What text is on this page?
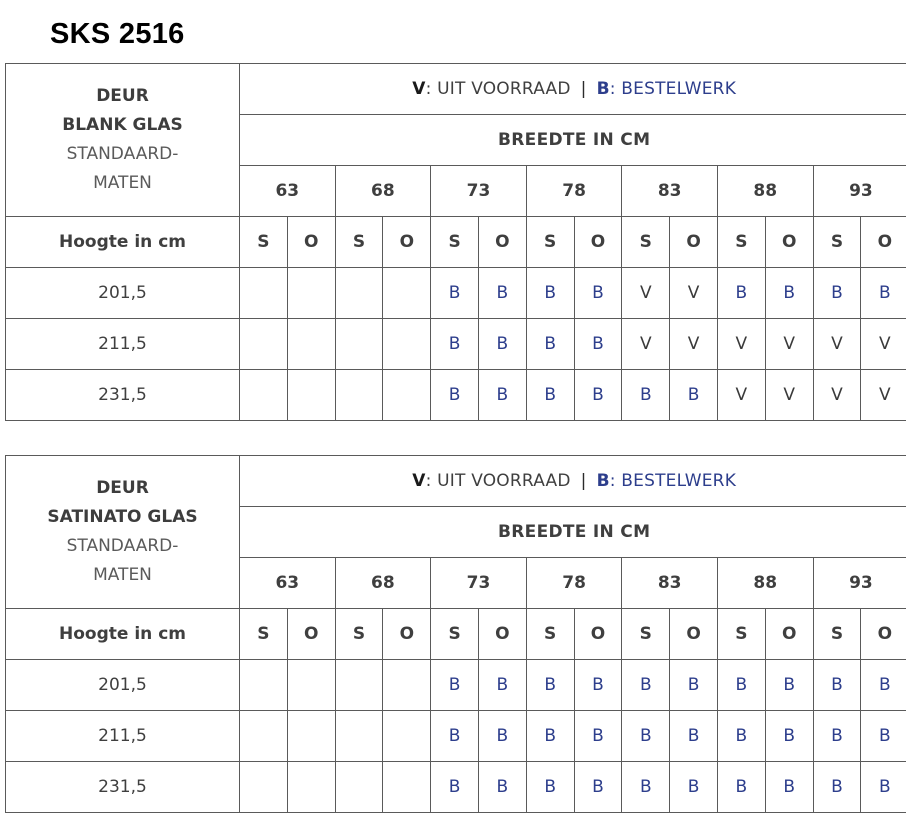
SKS 2516
DEUR
BLANK GLAS
STANDAARD-
MATEN	V: UIT VOORRAAD | B: BESTELWERK													
	BREEDTE IN CM													
	63		68		73		78		83		88		93	
Hoogte in cm	S	O	S	O	S	O	S	O	S	O	S	O	S	O
201,5					B	B	B	B	V	V	B	B	B	B
211,5					B	B	B	B	V	V	V	V	V	V
231,5					B	B	B	B	B	B	V	V	V	V
DEUR
SATINATO GLAS
STANDAARD-
MATEN	V: UIT VOORRAAD | B: BESTELWERK													
	BREEDTE IN CM													
	63		68		73		78		83		88		93	
Hoogte in cm	S	O	S	O	S	O	S	O	S	O	S	O	S	O
201,5					B	B	B	B	B	B	B	B	B	B
211,5					B	B	B	B	B	B	B	B	B	B
231,5					B	B	B	B	B	B	B	B	B	B
